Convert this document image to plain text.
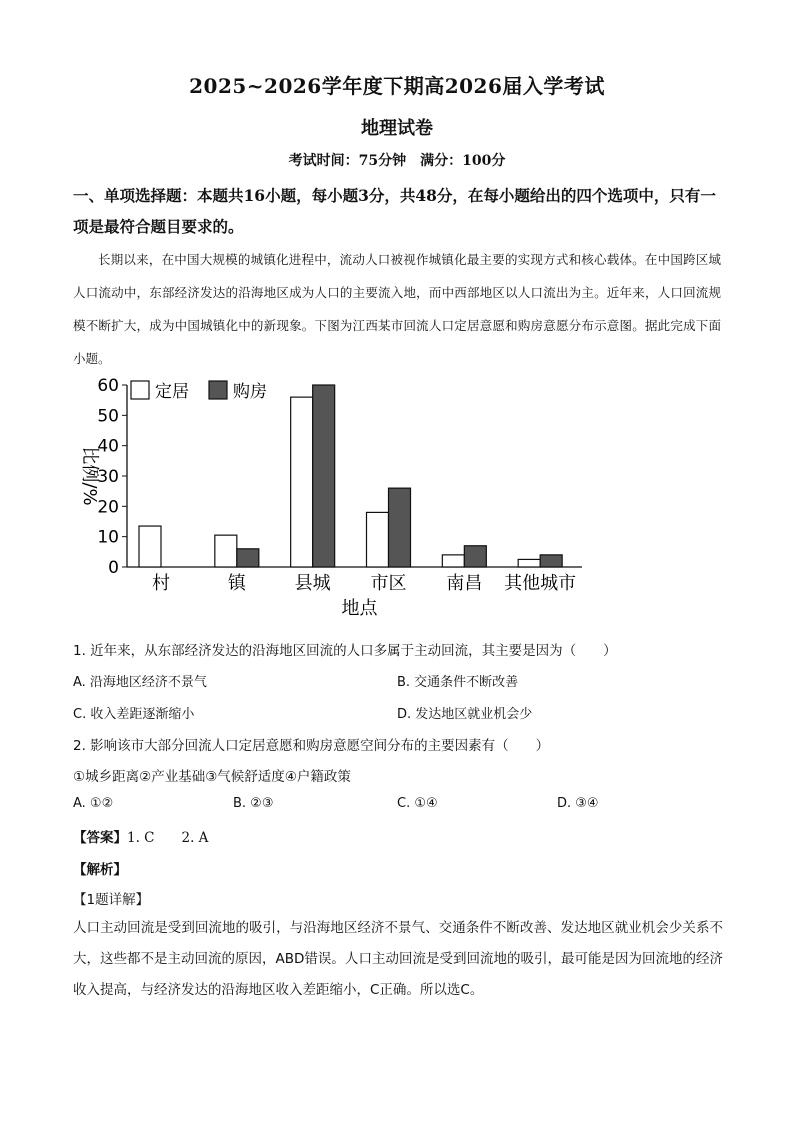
2025~2026学年度下期高2026届入学考试
地理试卷
考试时间：75分钟　满分：100分
一、单项选择题：本题共16小题，每小题3分，共48分，在每小题给出的四个选项中，只有一项是最符合题目要求的。
长期以来，在中国大规模的城镇化进程中，流动人口被视作城镇化最主要的实现方式和核心载体。在中国跨区域人口流动中，东部经济发达的沿海地区成为人口的主要流入地，而中西部地区以人口流出为主。近年来，人口回流规模不断扩大，成为中国城镇化中的新现象。下图为江西某市回流人口定居意愿和购房意愿分布示意图。据此完成下面小题。
0
10
20
30
40
50
60
比例/%
村	镇	县城 市区 南昌 其他城市
地点
定居	购房
1. 近年来，从东部经济发达的沿海地区回流的人口多属于主动回流，其主要是因为（　　）
A. 沿海地区经济不景气	B. 交通条件不断改善
C. 收入差距逐渐缩小	D. 发达地区就业机会少
2. 影响该市大部分回流人口定居意愿和购房意愿空间分布的主要因素有（　　）
①城乡距离②产业基础③气候舒适度④户籍政策
A. ①②	B. ②③	C. ①④	D. ③④
【答案】1. C　　2. A
【解析】
【1题详解】
人口主动回流是受到回流地的吸引，与沿海地区经济不景气、交通条件不断改善、发达地区就业机会少关系不大，这些都不是主动回流的原因，ABD错误。人口主动回流是受到回流地的吸引，最可能是因为回流地的经济收入提高，与经济发达的沿海地区收入差距缩小，C正确。所以选C。
